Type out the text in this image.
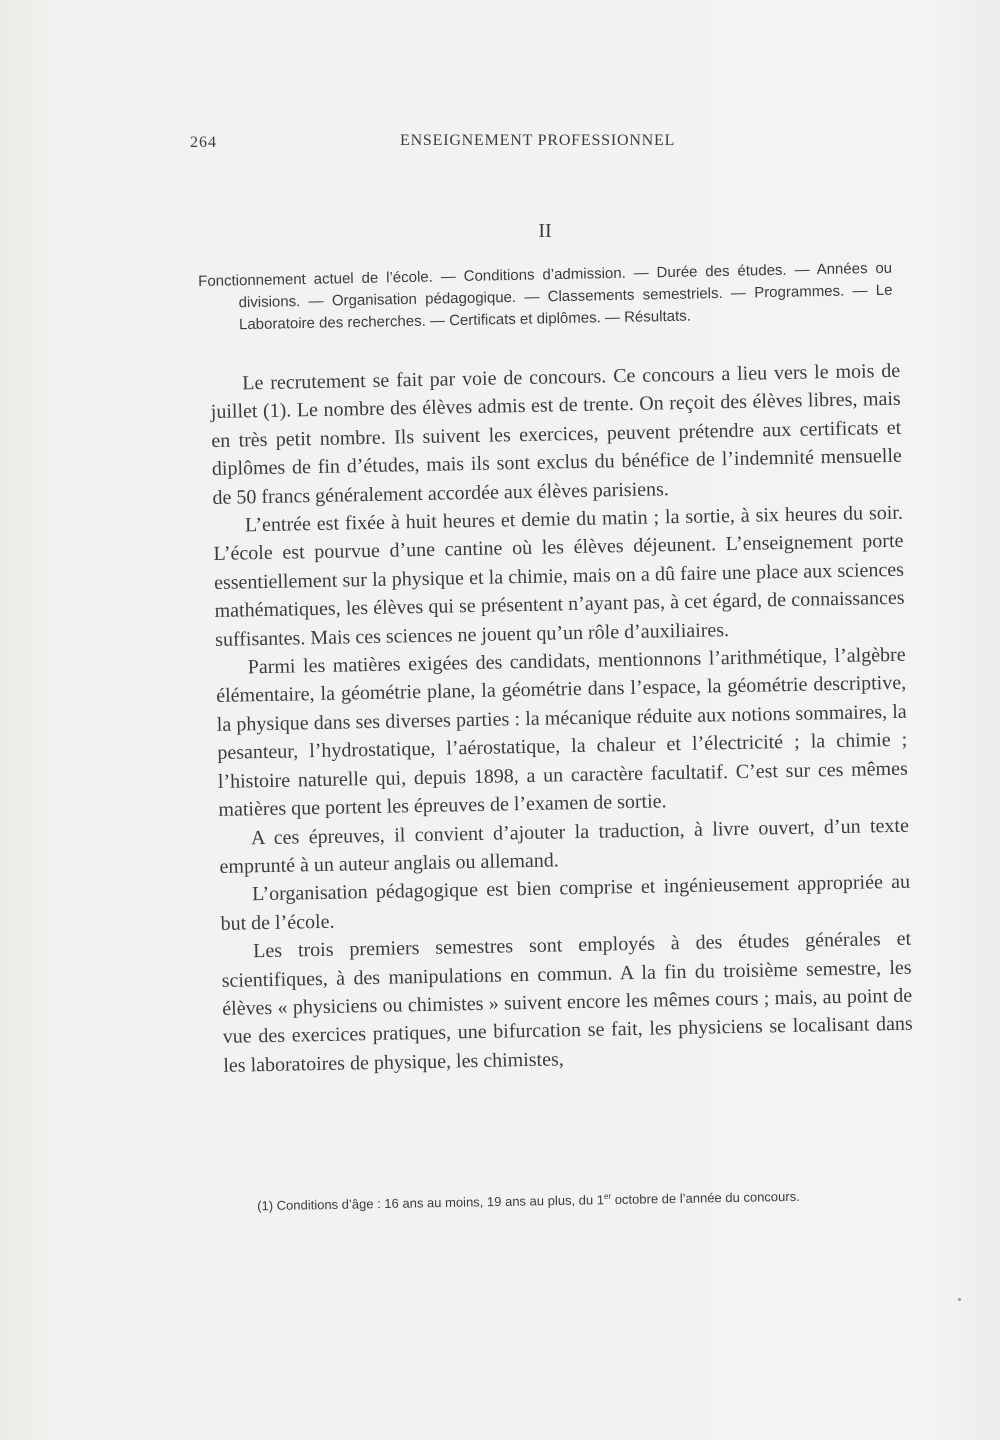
264	ENSEIGNEMENT PROFESSIONNEL
II
Fonctionnement actuel de l’école. — Conditions d’admission. — Durée des études. — Années ou divisions. — Organisation pédagogique. — Classements semestriels. — Programmes. — Le Laboratoire des recherches. — Certificats et diplômes. — Résultats.

Le recrutement se fait par voie de concours. Ce concours a lieu vers le mois de juillet (1). Le nombre des élèves admis est de trente. On reçoit des élèves libres, mais en très petit nombre. Ils suivent les exercices, peuvent prétendre aux certificats et diplômes de fin d’études, mais ils sont exclus du bénéfice de l’indemnité mensuelle de 50 francs généralement accordée aux élèves parisiens.

L’entrée est fixée à huit heures et demie du matin ; la sortie, à six heures du soir. L’école est pourvue d’une cantine où les élèves déjeunent. L’enseignement porte essentiellement sur la physique et la chimie, mais on a dû faire une place aux sciences mathématiques, les élèves qui se présentent n’ayant pas, à cet égard, de connaissances suffisantes. Mais ces sciences ne jouent qu’un rôle d’auxiliaires.

Parmi les matières exigées des candidats, mentionnons l’arithmétique, l’algèbre élémentaire, la géométrie plane, la géométrie dans l’espace, la géométrie descriptive, la physique dans ses diverses parties : la mécanique réduite aux notions sommaires, la pesanteur, l’hydrostatique, l’aérostatique, la chaleur et l’électricité ; la chimie ; l’histoire naturelle qui, depuis 1898, a un caractère facultatif. C’est sur ces mêmes matières que portent les épreuves de l’examen de sortie.

A ces épreuves, il convient d’ajouter la traduction, à livre ouvert, d’un texte emprunté à un auteur anglais ou allemand.

L’organisation pédagogique est bien comprise et ingénieusement appropriée au but de l’école.

Les trois premiers semestres sont employés à des études générales et scientifiques, à des manipulations en commun. A la fin du troisième semestre, les élèves « physiciens ou chimistes » suivent encore les mêmes cours ; mais, au point de vue des exercices pratiques, une bifurcation se fait, les physiciens se localisant dans les laboratoires de physique, les chimistes,

(1) Conditions d’âge : 16 ans au moins, 19 ans au plus, du 1er octobre de l’année du concours.
